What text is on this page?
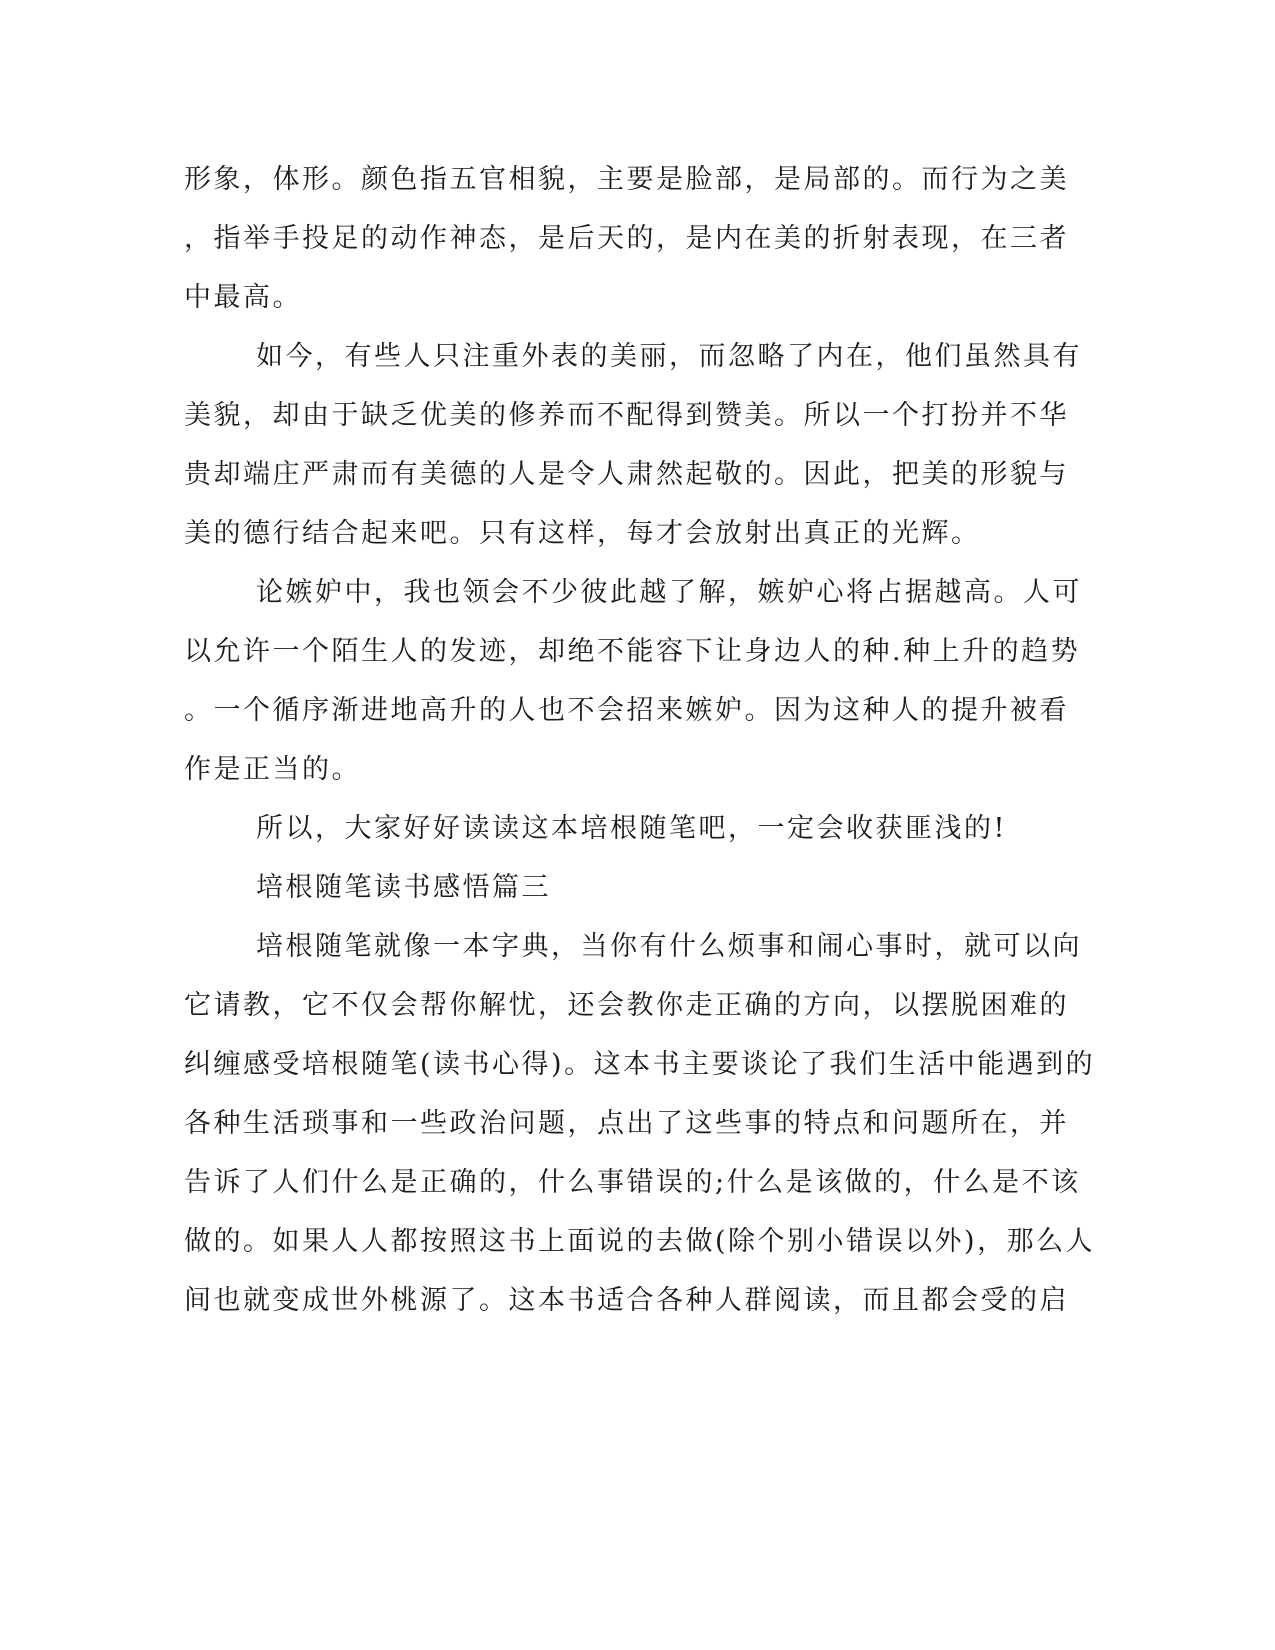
形象，体形。颜色指五官相貌，主要是脸部，是局部的。而行为之美
，指举手投足的动作神态，是后天的，是内在美的折射表现，在三者
中最高。
如今，有些人只注重外表的美丽，而忽略了内在，他们虽然具有
美貌，却由于缺乏优美的修养而不配得到赞美。所以一个打扮并不华
贵却端庄严肃而有美德的人是令人肃然起敬的。因此，把美的形貌与
美的德行结合起来吧。只有这样，每才会放射出真正的光辉。
论嫉妒中，我也领会不少彼此越了解，嫉妒心将占据越高。人可
以允许一个陌生人的发迹，却绝不能容下让身边人的种.种上升的趋势
。一个循序渐进地高升的人也不会招来嫉妒。因为这种人的提升被看
作是正当的。
所以，大家好好读读这本培根随笔吧，一定会收获匪浅的!
培根随笔读书感悟篇三
培根随笔就像一本字典，当你有什么烦事和闹心事时，就可以向
它请教，它不仅会帮你解忧，还会教你走正确的方向，以摆脱困难的
纠缠感受培根随笔(读书心得)。这本书主要谈论了我们生活中能遇到的
各种生活琐事和一些政治问题，点出了这些事的特点和问题所在，并
告诉了人们什么是正确的，什么事错误的;什么是该做的，什么是不该
做的。如果人人都按照这书上面说的去做(除个别小错误以外)，那么人
间也就变成世外桃源了。这本书适合各种人群阅读，而且都会受的启
